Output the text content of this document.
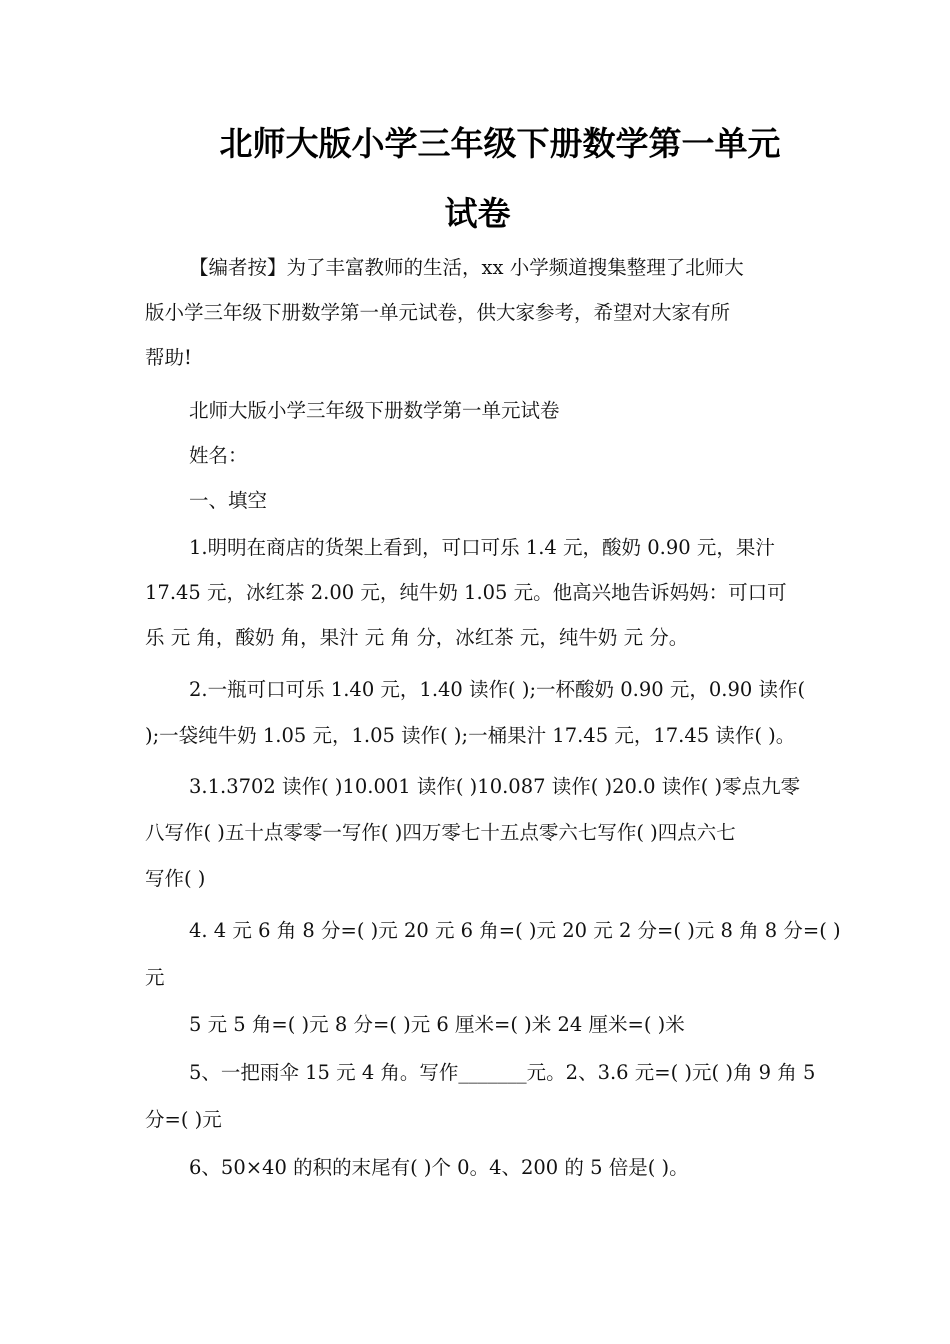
北师大版小学三年级下册数学第一单元
试卷
【编者按】为了丰富教师的生活，xx 小学频道搜集整理了北师大
版小学三年级下册数学第一单元试卷，供大家参考，希望对大家有所
帮助!
北师大版小学三年级下册数学第一单元试卷
姓名：
一、填空
1.明明在商店的货架上看到，可口可乐 1.4 元，酸奶 0.90 元，果汁
17.45 元，冰红茶 2.00 元，纯牛奶 1.05 元。他高兴地告诉妈妈：可口可
乐 元 角，酸奶 角，果汁 元 角 分，冰红茶 元，纯牛奶 元 分。
2.一瓶可口可乐 1.40 元，1.40 读作( );一杯酸奶 0.90 元，0.90 读作(
);一袋纯牛奶 1.05 元，1.05 读作( );一桶果汁 17.45 元，17.45 读作( )。
3.1.3702 读作( )10.001 读作( )10.087 读作( )20.0 读作( )零点九零
八写作( )五十点零零一写作( )四万零七十五点零六七写作( )四点六七
写作( )
4. 4 元 6 角 8 分=( )元 20 元 6 角=( )元 20 元 2 分=( )元 8 角 8 分=( )
元
5 元 5 角=( )元 8 分=( )元 6 厘米=( )米 24 厘米=( )米
5、一把雨伞 15 元 4 角。写作_______元。2、3.6 元=( )元( )角 9 角 5
分=( )元
6、50×40 的积的末尾有( )个 0。4、200 的 5 倍是( )。
